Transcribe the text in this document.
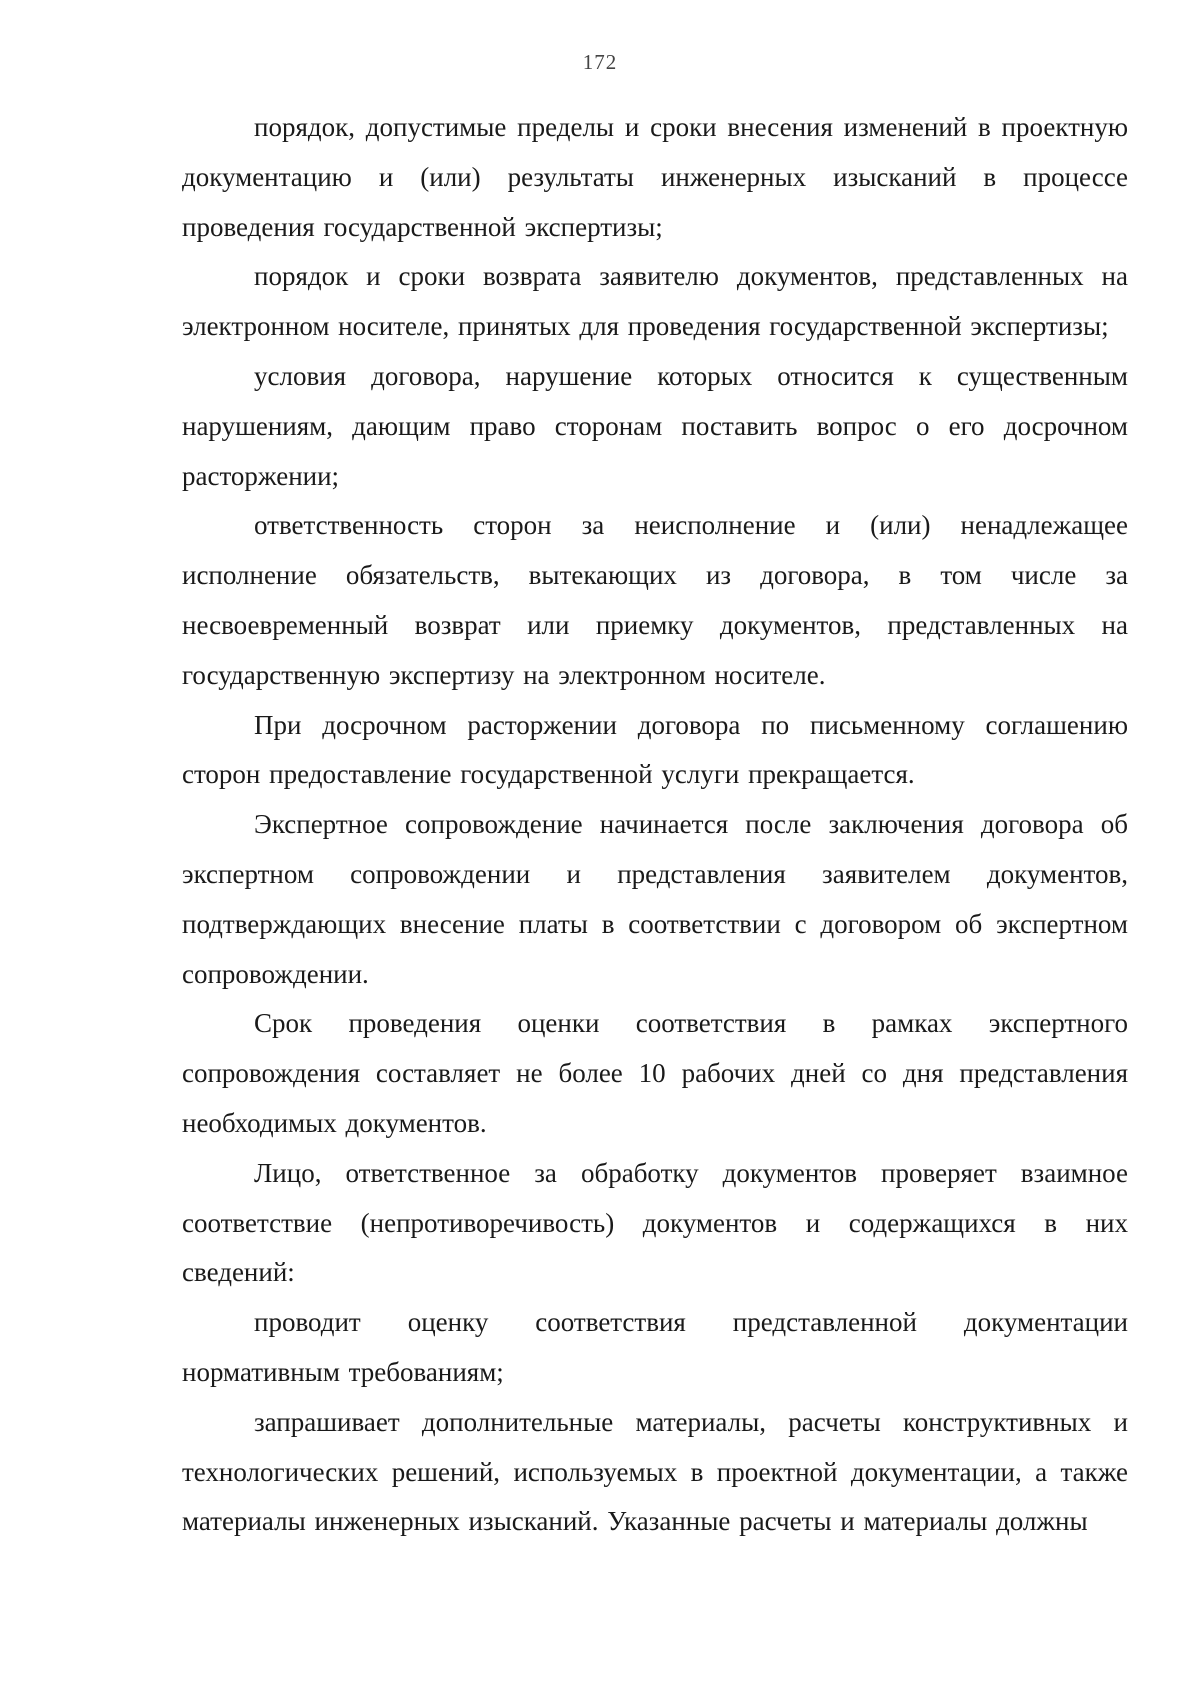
172

порядок, допустимые пределы и сроки внесения изменений в проектную документацию и (или) результаты инженерных изысканий в процессе проведения государственной экспертизы;

порядок и сроки возврата заявителю документов, представленных на электронном носителе, принятых для проведения государственной экспертизы;

условия договора, нарушение которых относится к существенным нарушениям, дающим право сторонам поставить вопрос о его досрочном расторжении;

ответственность сторон за неисполнение и (или) ненадлежащее исполнение обязательств, вытекающих из договора, в том числе за несвоевременный возврат или приемку документов, представленных на государственную экспертизу на электронном носителе.

При досрочном расторжении договора по письменному соглашению сторон предоставление государственной услуги прекращается.

Экспертное сопровождение начинается после заключения договора об экспертном сопровождении и представления заявителем документов, подтверждающих внесение платы в соответствии с договором об экспертном сопровождении.

Срок проведения оценки соответствия в рамках экспертного сопровождения составляет не более 10 рабочих дней со дня представления необходимых документов.

Лицо, ответственное за обработку документов проверяет взаимное соответствие (непротиворечивость) документов и содержащихся в них сведений:

проводит оценку соответствия представленной документации нормативным требованиям;

запрашивает дополнительные материалы, расчеты конструктивных и технологических решений, используемых в проектной документации, а также материалы инженерных изысканий. Указанные расчеты и материалы должны
